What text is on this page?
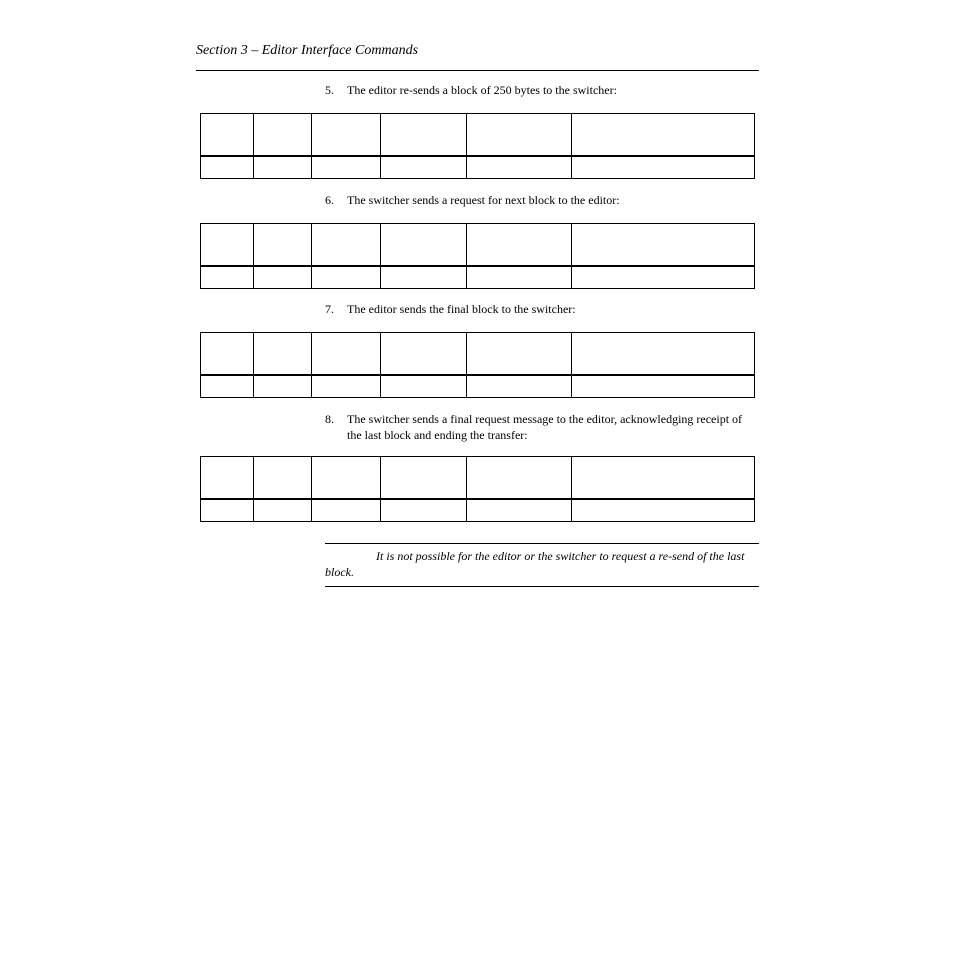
Section 3 – Editor Interface Commands
5. The editor re-sends a block of 250 bytes to the switcher:

6. The switcher sends a request for next block to the editor:

7. The editor sends the final block to the switcher:

8. The switcher sends a final request message to the editor, acknowledging receipt of the last block and ending the transfer:

It is not possible for the editor or the switcher to request a re-send of the last block.
